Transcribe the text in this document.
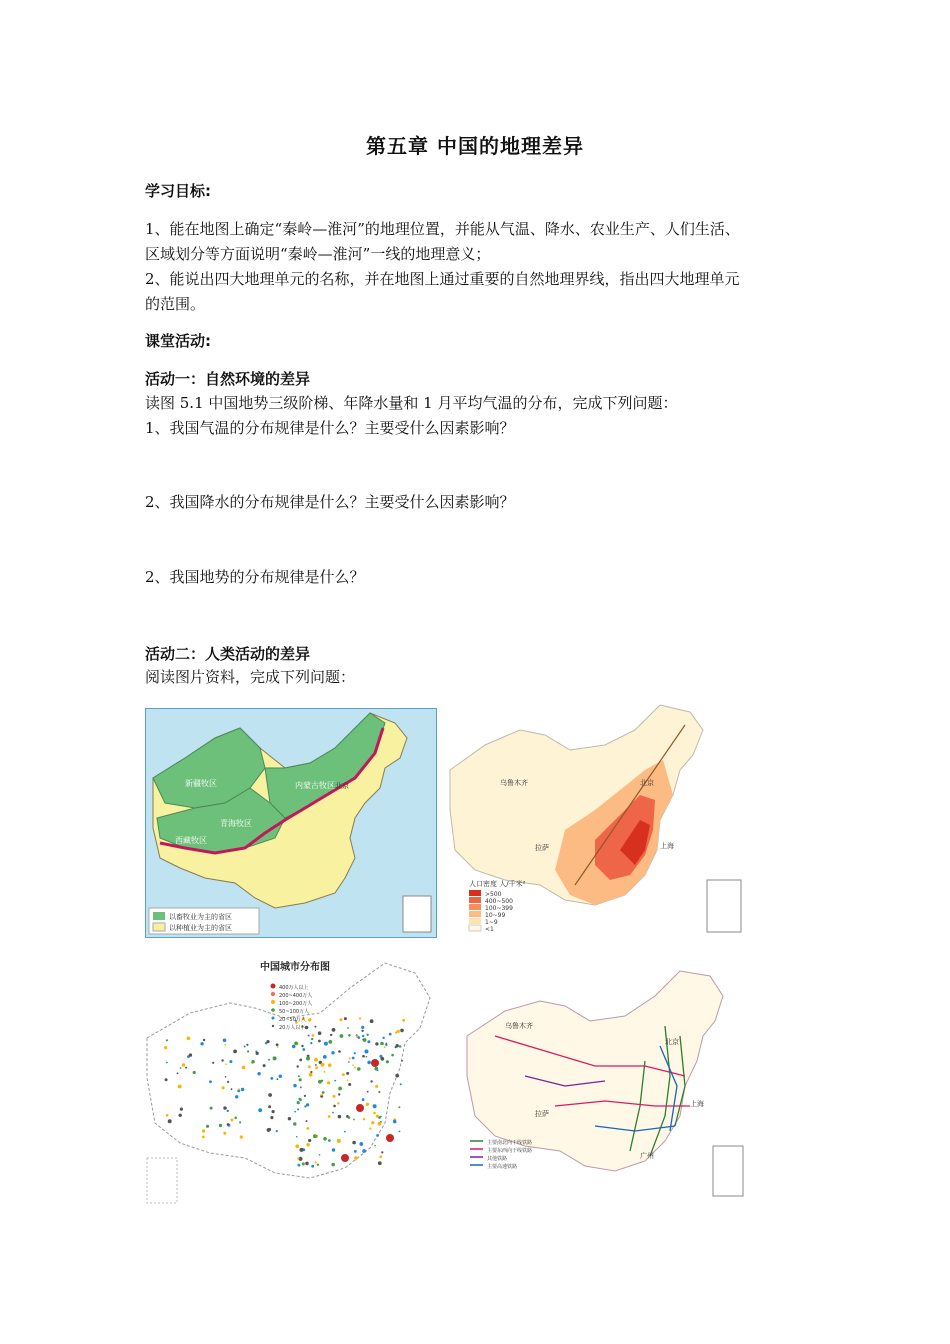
第五章 中国的地理差异
学习目标:
1、能在地图上确定“秦岭—淮河”的地理位置，并能从气温、降水、农业生产、人们生活、
区域划分等方面说明“秦岭—淮河”一线的地理意义；
2、能说出四大地理单元的名称，并在地图上通过重要的自然地理界线，指出四大地理单元
的范围。
课堂活动:
活动一：自然环境的差异
读图 5.1 中国地势三级阶梯、年降水量和 1 月平均气温的分布，完成下列问题：
1、我国气温的分布规律是什么？主要受什么因素影响？
2、我国降水的分布规律是什么？主要受什么因素影响？
2、我国地势的分布规律是什么？
活动二：人类活动的差异
阅读图片资料，完成下列问题：
新疆牧区
青海牧区
西藏牧区
内蒙古牧区 北京
以畜牧业为主的省区
以种植业为主的省区
乌鲁木齐	北京
上海
拉萨
人口密度 人/千米²
>500
400~500
100~399
10~99
1~9
<1
中国城市分布图
400万人以上
200~400万人
100~200万人
50~100万人
20~50万人
20万人以下	乌鲁木齐
北京
上海
拉萨
广州
主要南北向干线铁路
主要东西向干线铁路
其他铁路
主要高速铁路
